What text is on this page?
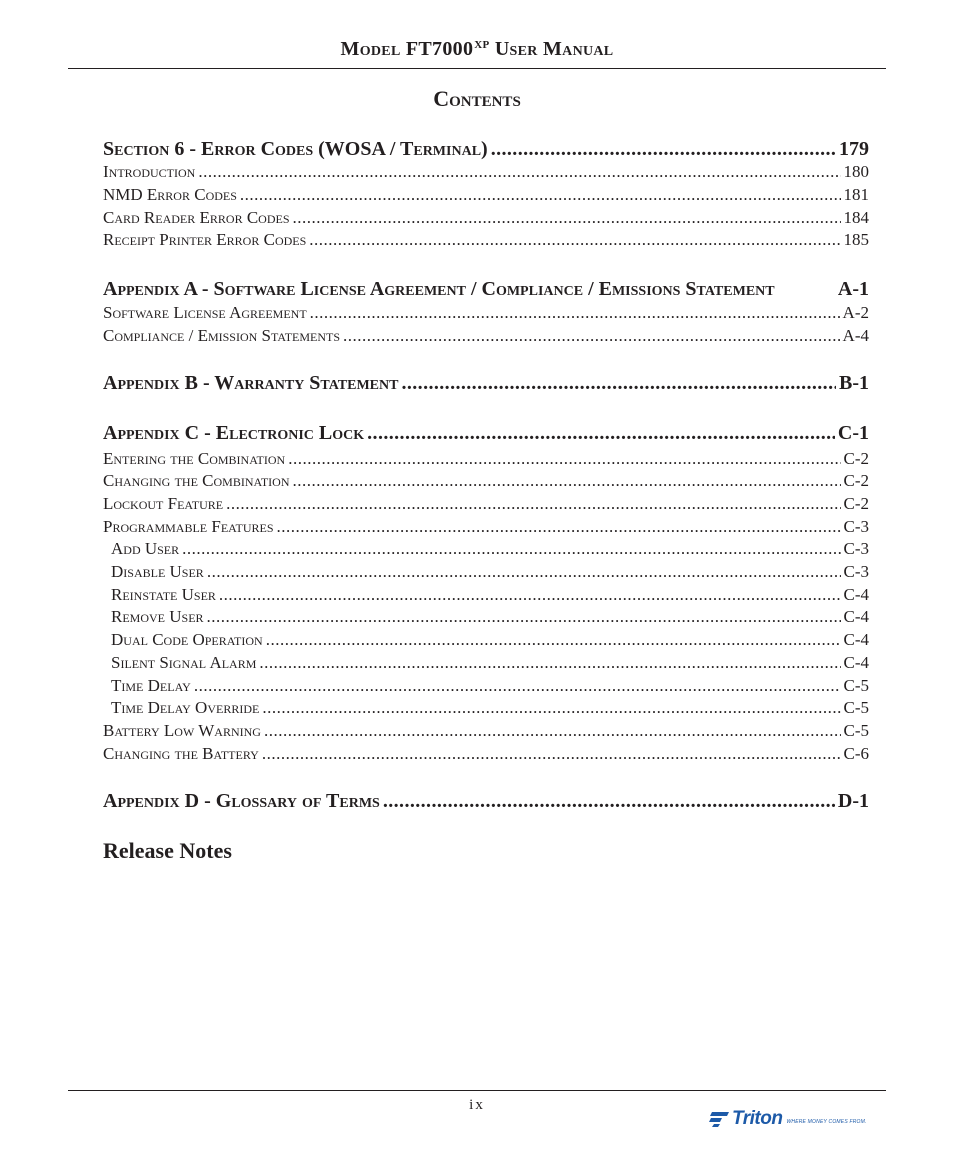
Model $FT7000^{XP}$ User Manual
Contents
Section 6 - Error Codes (WOSA / Terminal) .....	179
Introduction .....	180
NMD Error Codes .....	181
Card Reader Error Codes .....	184
Receipt Printer Error Codes .....	185
Appendix A - Software License Agreement / Compliance / Emissions Statement	A-1
Software License Agreement .....	A-2
Compliance / Emission Statements .....	A-4
Appendix B - Warranty Statement .....	B-1
Appendix C - Electronic Lock .....	C-1
Entering the Combination .....	C-2
Changing the Combination .....	C-2
Lockout Feature .....	C-2
Programmable Features .....	C-3
Add User .....	C-3
Disable User .....	C-3
Reinstate User .....	C-4
Remove User .....	C-4
Dual Code Operation .....	C-4
Silent Signal Alarm .....	C-4
Time Delay .....	C-5
Time Delay Override .....	C-5
Battery Low Warning .....	C-5
Changing the Battery .....	C-6
Appendix D - Glossary of Terms .....	D-1
Release Notes
ix
Triton WHERE MONEY COMES FROM.
